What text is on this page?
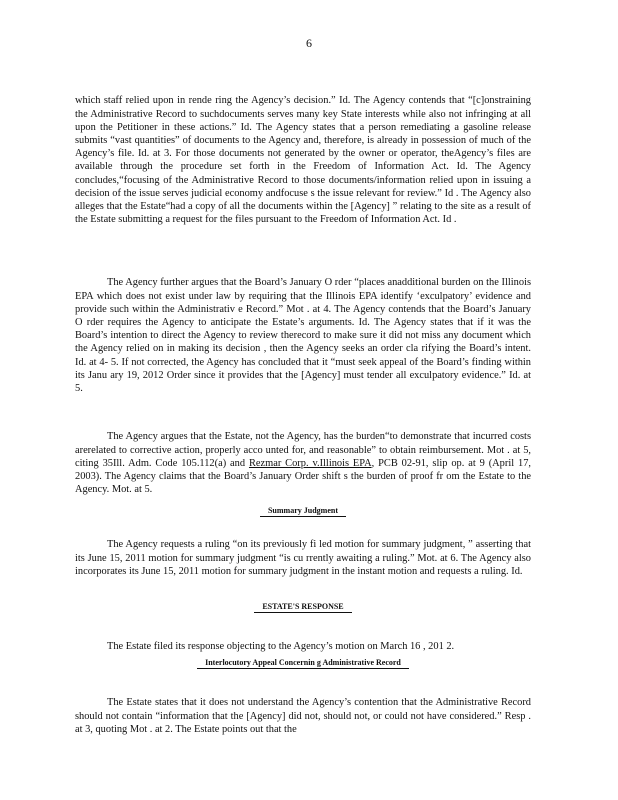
6

which staff relied upon in rende ring the Agency’s decision.” Id. The Agency contends that “[c]onstraining the Administrative Record to suchdocuments serves many key State interests while also not infringing at all upon the Petitioner in these actions.” Id. The Agency states that a person remediating a gasoline release submits “vast quantities” of documents to the Agency and, therefore, is already in possession of much of the Agency’s file. Id. at 3. For those documents not generated by the owner or operator, theAgency’s files are available through the procedure set forth in the Freedom of Information Act. Id. The Agency concludes,“focusing of the Administrative Record to those documents/information relied upon in issuing a decision of the issue serves judicial economy andfocuse s the issue relevant for review.” Id . The Agency also alleges that the Estate“had a copy of all the documents within the [Agency] ” relating to the site as a result of the Estate submitting a request for the files pursuant to the Freedom of Information Act. Id .

The Agency further argues that the Board’s January O rder “places anadditional burden on the Illinois EPA which does not exist under law by requiring that the Illinois EPA identify ‘exculpatory’ evidence and provide such within the Administrativ e Record.” Mot . at 4. The Agency contends that the Board’s January O rder requires the Agency to anticipate the Estate’s arguments. Id. The Agency states that if it was the Board’s intention to direct the Agency to review therecord to make sure it did not miss any document which the Agency relied on in making its decision , then the Agency seeks an order cla rifying the Board’s intent. Id. at 4- 5. If not corrected, the Agency has concluded that it “must seek appeal of the Board’s finding within its Janu ary 19, 2012 Order since it provides that the [Agency] must tender all exculpatory evidence.” Id. at 5.

The Agency argues that the Estate, not the Agency, has the burden“to demonstrate that incurred costs arerelated to corrective action, properly acco unted for, and reasonable” to obtain reimbursement. Mot . at 5, citing 35Ill. Adm. Code 105.112(a) and Rezmar Corp. v.Illinois EPA, PCB 02-91, slip op. at 9 (April 17, 2003). The Agency claims that the Board’s January Order shift s the burden of proof fr om the Estate to the Agency. Mot. at 5.

Summary Judgment

The Agency requests a ruling “on its previously fi led motion for summary judgment, ” asserting that its June 15, 2011 motion for summary judgment “is cu rrently awaiting a ruling.” Mot. at 6. The Agency also incorporates its June 15, 2011 motion for summary judgment in the instant motion and requests a ruling. Id.

ESTATE'S RESPONSE

The Estate filed its response objecting to the Agency’s motion on March 16 , 201 2.

Interlocutory Appeal Concernin g Administrative Record

The Estate states that it does not understand the Agency’s contention that the Administrative Record should not contain “information that the [Agency] did not, should not, or could not have considered.” Resp . at 3, quoting Mot . at 2. The Estate points out that the
